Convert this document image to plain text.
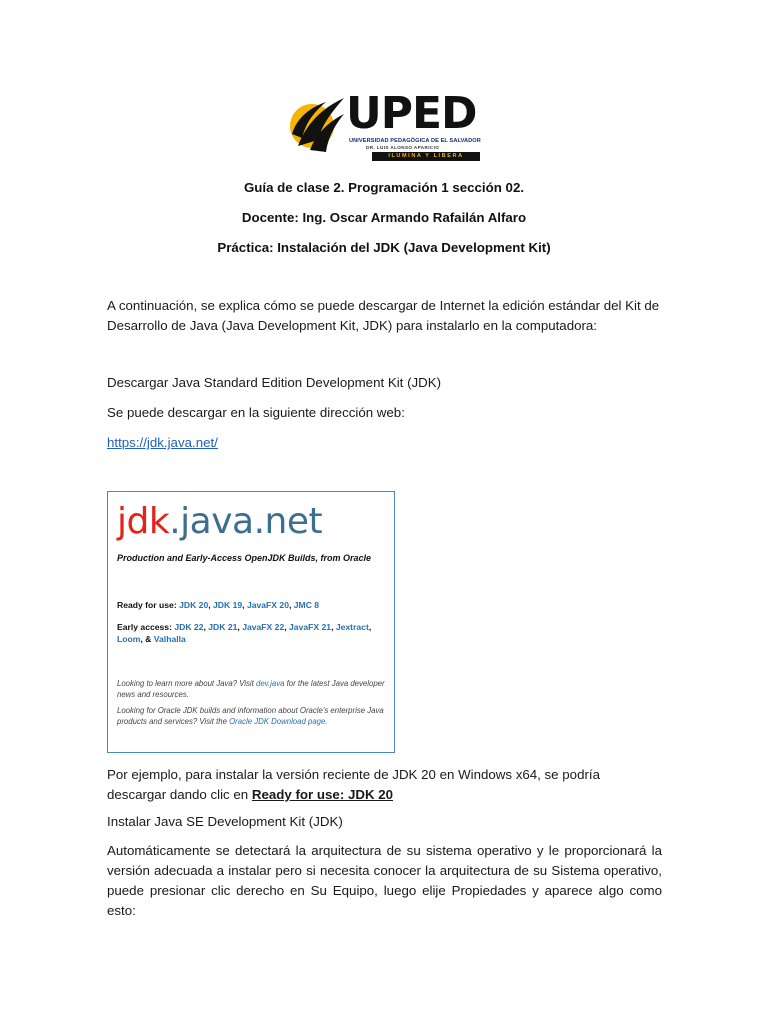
UPED
UNIVERSIDAD PEDAGÓGICA DE EL SALVADOR
DR. LUIS ALONSO APARICIO
ILUMINA Y LIBERA
Guía de clase 2. Programación 1 sección 02.
Docente: Ing. Oscar Armando Rafailán Alfaro
Práctica: Instalación del JDK (Java Development Kit)
A continuación, se explica cómo se puede descargar de Internet la edición estándar del Kit de Desarrollo de Java (Java Development Kit, JDK) para instalarlo en la computadora:
Descargar Java Standard Edition Development Kit (JDK)
Se puede descargar en la siguiente dirección web:
https://jdk.java.net/
jdk.java.net
Production and Early-Access OpenJDK Builds, from Oracle
Ready for use: JDK 20, JDK 19, JavaFX 20, JMC 8
Early access: JDK 22, JDK 21, JavaFX 22, JavaFX 21, Jextract, Loom, & Valhalla
Looking to learn more about Java? Visit dev.java for the latest Java developer news and resources.
Looking for Oracle JDK builds and information about Oracle's enterprise Java products and services? Visit the Oracle JDK Download page.
Por ejemplo, para instalar la versión reciente de JDK 20 en Windows x64, se podría descargar dando clic en Ready for use: JDK 20
Instalar Java SE Development Kit (JDK)
Automáticamente se detectará la arquitectura de su sistema operativo y le proporcionará la versión adecuada a instalar pero si necesita conocer la arquitectura de su Sistema operativo, puede presionar clic derecho en Su Equipo, luego elije Propiedades y aparece algo como esto:
